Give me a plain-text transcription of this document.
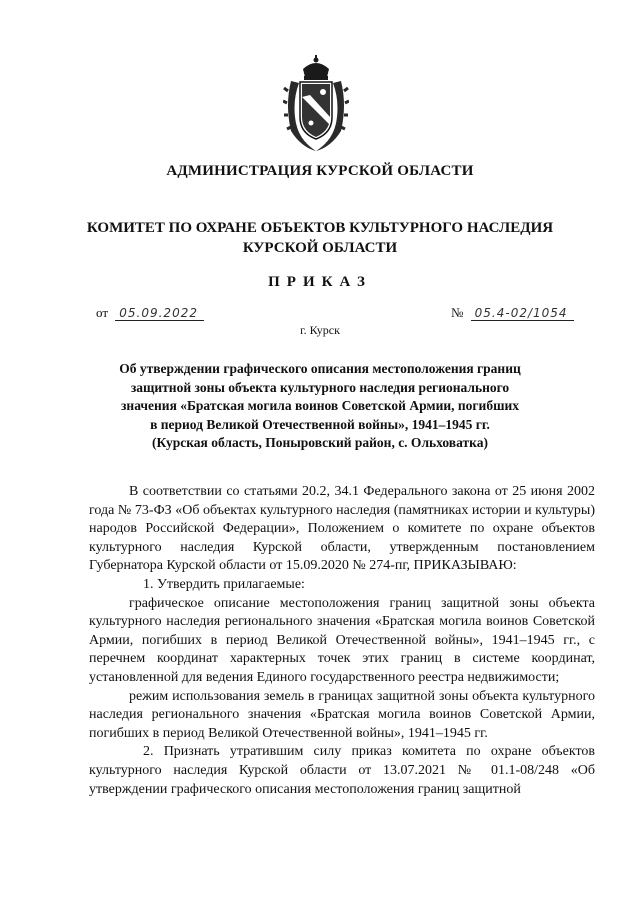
АДМИНИСТРАЦИЯ КУРСКОЙ ОБЛАСТИ
КОМИТЕТ ПО ОХРАНЕ ОБЪЕКТОВ КУЛЬТУРНОГО НАСЛЕДИЯ
КУРСКОЙ ОБЛАСТИ
ПРИКАЗ
от 05.09.2022	№ 05.4-02/1054
г. Курск
Об утверждении графического описания местоположения границ
защитной зоны объекта культурного наследия регионального
значения «Братская могила воинов Советской Армии, погибших
в период Великой Отечественной войны», 1941–1945 гг.
(Курская область, Поныровский район, с. Ольховатка)

В соответствии со статьями 20.2, 34.1 Федерального закона от 25 июня 2002 года № 73-ФЗ «Об объектах культурного наследия (памятниках истории и культуры) народов Российской Федерации», Положением о комитете по охране объектов культурного наследия Курской области, утвержденным постановлением Губернатора Курской области от 15.09.2020 № 274-пг, ПРИКАЗЫВАЮ:

1. Утвердить прилагаемые:

графическое описание местоположения границ защитной зоны объекта культурного наследия регионального значения «Братская могила воинов Советской Армии, погибших в период Великой Отечественной войны», 1941–1945 гг., с перечнем координат характерных точек этих границ в системе координат, установленной для ведения Единого государственного реестра недвижимости;

режим использования земель в границах защитной зоны объекта культурного наследия регионального значения «Братская могила воинов Советской Армии, погибших в период Великой Отечественной войны», 1941–1945 гг.

2. Признать утратившим силу приказ комитета по охране объектов культурного наследия Курской области от 13.07.2021 № 01.1-08/248 «Об утверждении графического описания местоположения границ защитной
